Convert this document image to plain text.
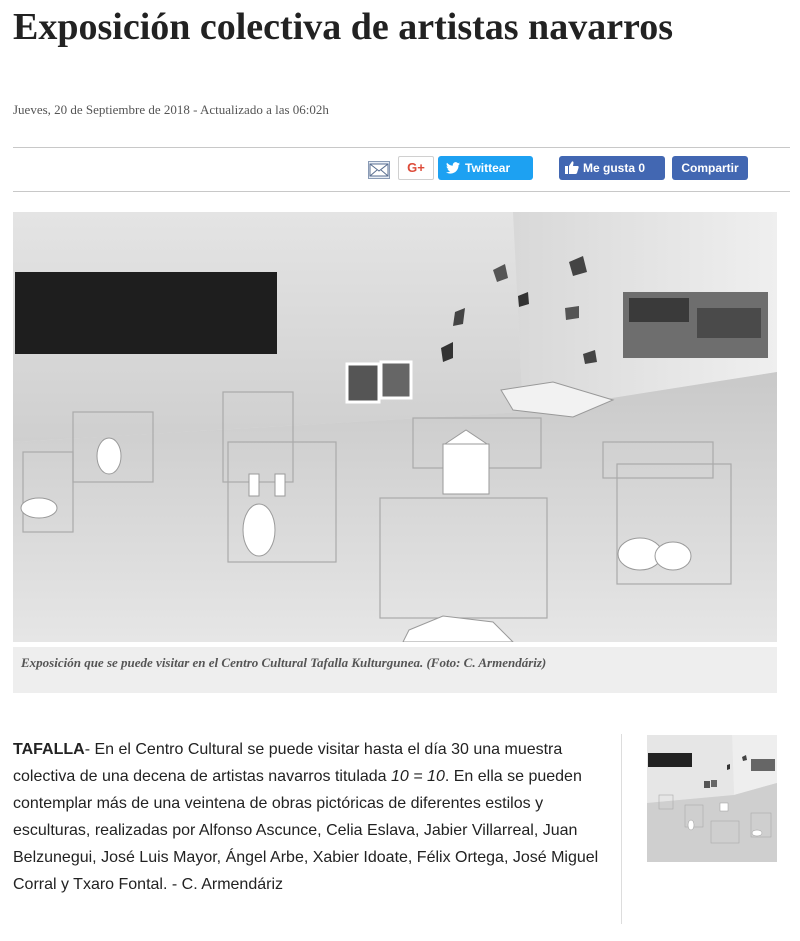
Exposición colectiva de artistas navarros
Jueves, 20 de Septiembre de 2018 - Actualizado a las 06:02h
G+	Twittear	Me gusta 0	Compartir
Exposición que se puede visitar en el Centro Cultural Tafalla Kulturgunea. (Foto: C. Armendáriz)

TAFALLA- En el Centro Cultural se puede visitar hasta el día 30 una muestra colectiva de una decena de artistas navarros titulada 10 = 10. En ella se pueden contemplar más de una veintena de obras pictóricas de diferentes estilos y esculturas, realizadas por Alfonso Ascunce, Celia Eslava, Jabier Villarreal, Juan Belzunegui, José Luis Mayor, Ángel Arbe, Xabier Idoate, Félix Ortega, José Miguel Corral y Txaro Fontal. - C. Armendáriz
